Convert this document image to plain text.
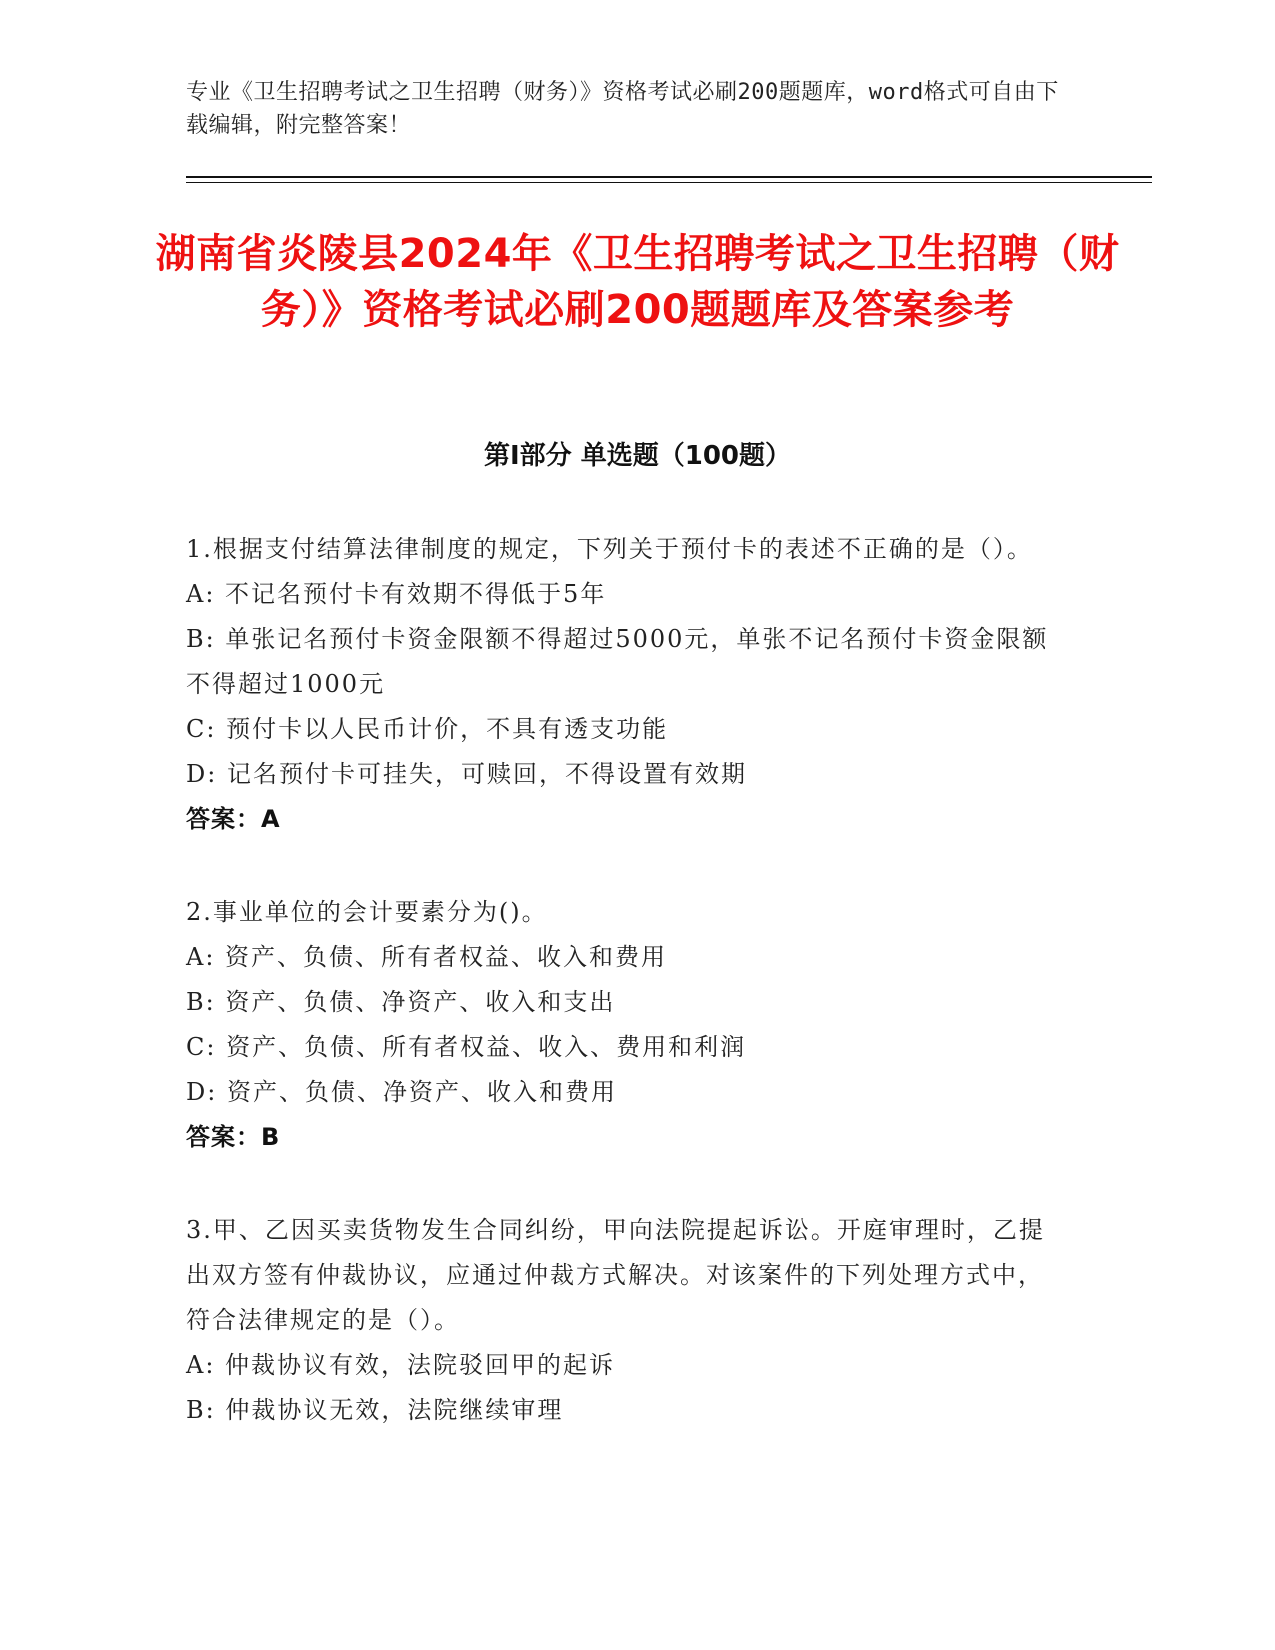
专业《卫生招聘考试之卫生招聘（财务）》资格考试必刷200题题库，word格式可自由下载编辑，附完整答案！
湖南省炎陵县2024年《卫生招聘考试之卫生招聘（财务）》资格考试必刷200题题库及答案参考
第Ⅰ部分 单选题（100题）
1.根据支付结算法律制度的规定，下列关于预付卡的表述不正确的是（）。
A: 不记名预付卡有效期不得低于5年
B: 单张记名预付卡资金限额不得超过5000元，单张不记名预付卡资金限额不得超过1000元
C: 预付卡以人民币计价，不具有透支功能
D: 记名预付卡可挂失，可赎回，不得设置有效期
答案：A
2.事业单位的会计要素分为()。
A: 资产、负债、所有者权益、收入和费用
B: 资产、负债、净资产、收入和支出
C: 资产、负债、所有者权益、收入、费用和利润
D: 资产、负债、净资产、收入和费用
答案：B
3.甲、乙因买卖货物发生合同纠纷，甲向法院提起诉讼。开庭审理时，乙提出双方签有仲裁协议，应通过仲裁方式解决。对该案件的下列处理方式中，符合法律规定的是（）。
A: 仲裁协议有效，法院驳回甲的起诉
B: 仲裁协议无效，法院继续审理
